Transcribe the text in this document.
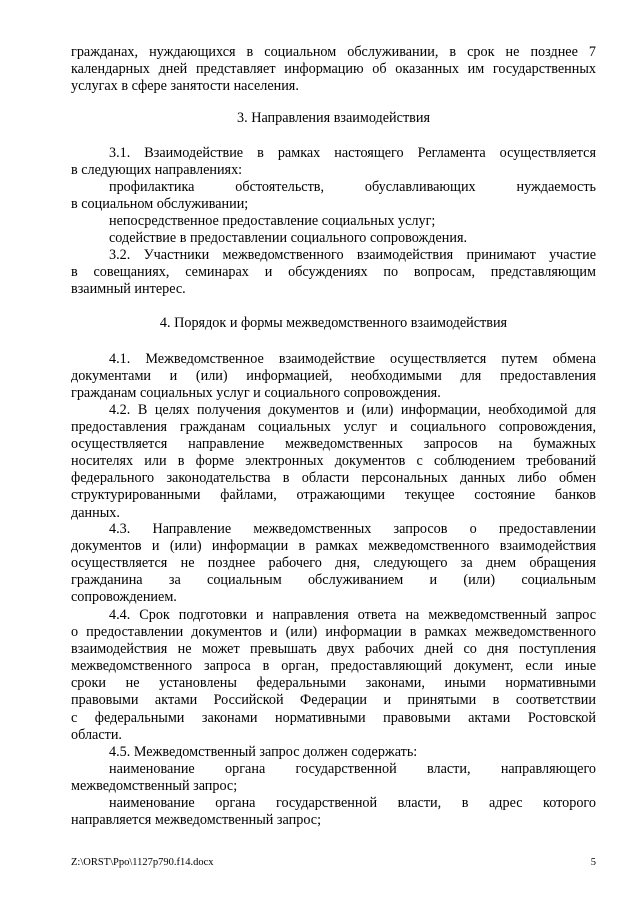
гражданах, нуждающихся в социальном обслуживании, в срок не позднее 7
календарных дней представляет информацию об оказанных им государственных
услугах в сфере занятости населения.
3. Направления взаимодействия
3.1. Взаимодействие в рамках настоящего Регламента осуществляется
в следующих направлениях:
профилактика обстоятельств, обуславливающих нуждаемость
в социальном обслуживании;
непосредственное предоставление социальных услуг;
содействие в предоставлении социального сопровождения.
3.2. Участники межведомственного взаимодействия принимают участие
в совещаниях, семинарах и обсуждениях по вопросам, представляющим
взаимный интерес.
4. Порядок и формы межведомственного взаимодействия
4.1. Межведомственное взаимодействие осуществляется путем обмена
документами и (или) информацией, необходимыми для предоставления
гражданам социальных услуг и социального сопровождения.
4.2. В целях получения документов и (или) информации, необходимой для
предоставления гражданам социальных услуг и социального сопровождения,
осуществляется направление межведомственных запросов на бумажных
носителях или в форме электронных документов с соблюдением требований
федерального законодательства в области персональных данных либо обмен
структурированными файлами, отражающими текущее состояние банков
данных.
4.3. Направление межведомственных запросов о предоставлении
документов и (или) информации в рамках межведомственного взаимодействия
осуществляется не позднее рабочего дня, следующего за днем обращения
гражданина за социальным обслуживанием и (или) социальным
сопровождением.
4.4. Срок подготовки и направления ответа на межведомственный запрос
о предоставлении документов и (или) информации в рамках межведомственного
взаимодействия не может превышать двух рабочих дней со дня поступления
межведомственного запроса в орган, предоставляющий документ, если иные
сроки не установлены федеральными законами, иными нормативными
правовыми актами Российской Федерации и принятыми в соответствии
с федеральными законами нормативными правовыми актами Ростовской
области.
4.5. Межведомственный запрос должен содержать:
наименование органа государственной власти, направляющего
межведомственный запрос;
наименование органа государственной власти, в адрес которого
направляется межведомственный запрос;
Z:\ORST\Ppo\1127p790.f14.docx	5
